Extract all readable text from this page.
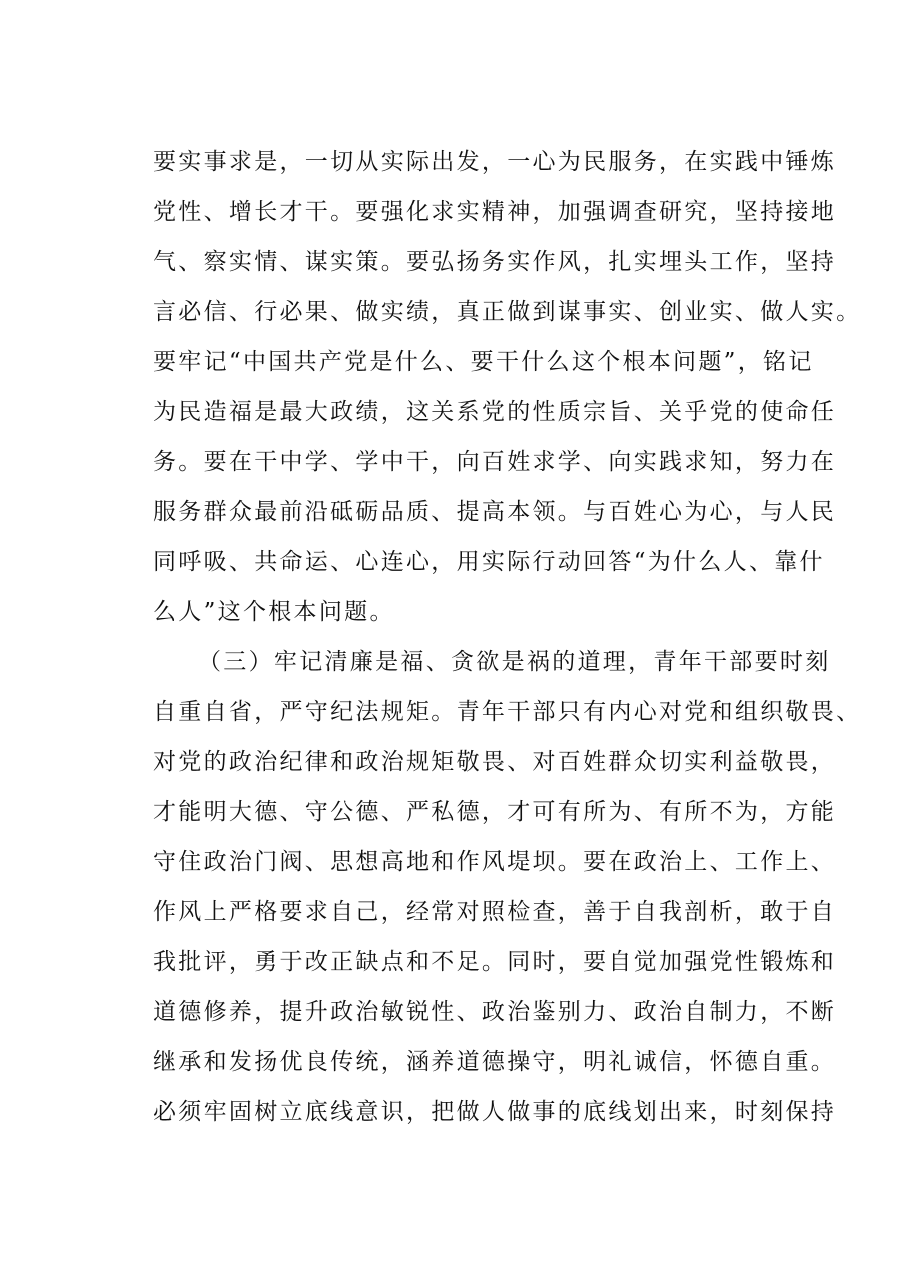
要实事求是，一切从实际出发，一心为民服务，在实践中锤炼
党性、增长才干。要强化求实精神，加强调查研究，坚持接地
气、察实情、谋实策。要弘扬务实作风，扎实埋头工作，坚持
言必信、行必果、做实绩，真正做到谋事实、创业实、做人实。
要牢记“中国共产党是什么、要干什么这个根本问题”，铭记
为民造福是最大政绩，这关系党的性质宗旨、关乎党的使命任
务。要在干中学、学中干，向百姓求学、向实践求知，努力在
服务群众最前沿砥砺品质、提高本领。与百姓心为心，与人民
同呼吸、共命运、心连心，用实际行动回答“为什么人、靠什
么人”这个根本问题。
（三）牢记清廉是福、贪欲是祸的道理，青年干部要时刻
自重自省，严守纪法规矩。青年干部只有内心对党和组织敬畏、
对党的政治纪律和政治规矩敬畏、对百姓群众切实利益敬畏，
才能明大德、守公德、严私德，才可有所为、有所不为，方能
守住政治门阀、思想高地和作风堤坝。要在政治上、工作上、
作风上严格要求自己，经常对照检查，善于自我剖析，敢于自
我批评，勇于改正缺点和不足。同时，要自觉加强党性锻炼和
道德修养，提升政治敏锐性、政治鉴别力、政治自制力，不断
继承和发扬优良传统，涵养道德操守，明礼诚信，怀德自重。
必须牢固树立底线意识，把做人做事的底线划出来，时刻保持
